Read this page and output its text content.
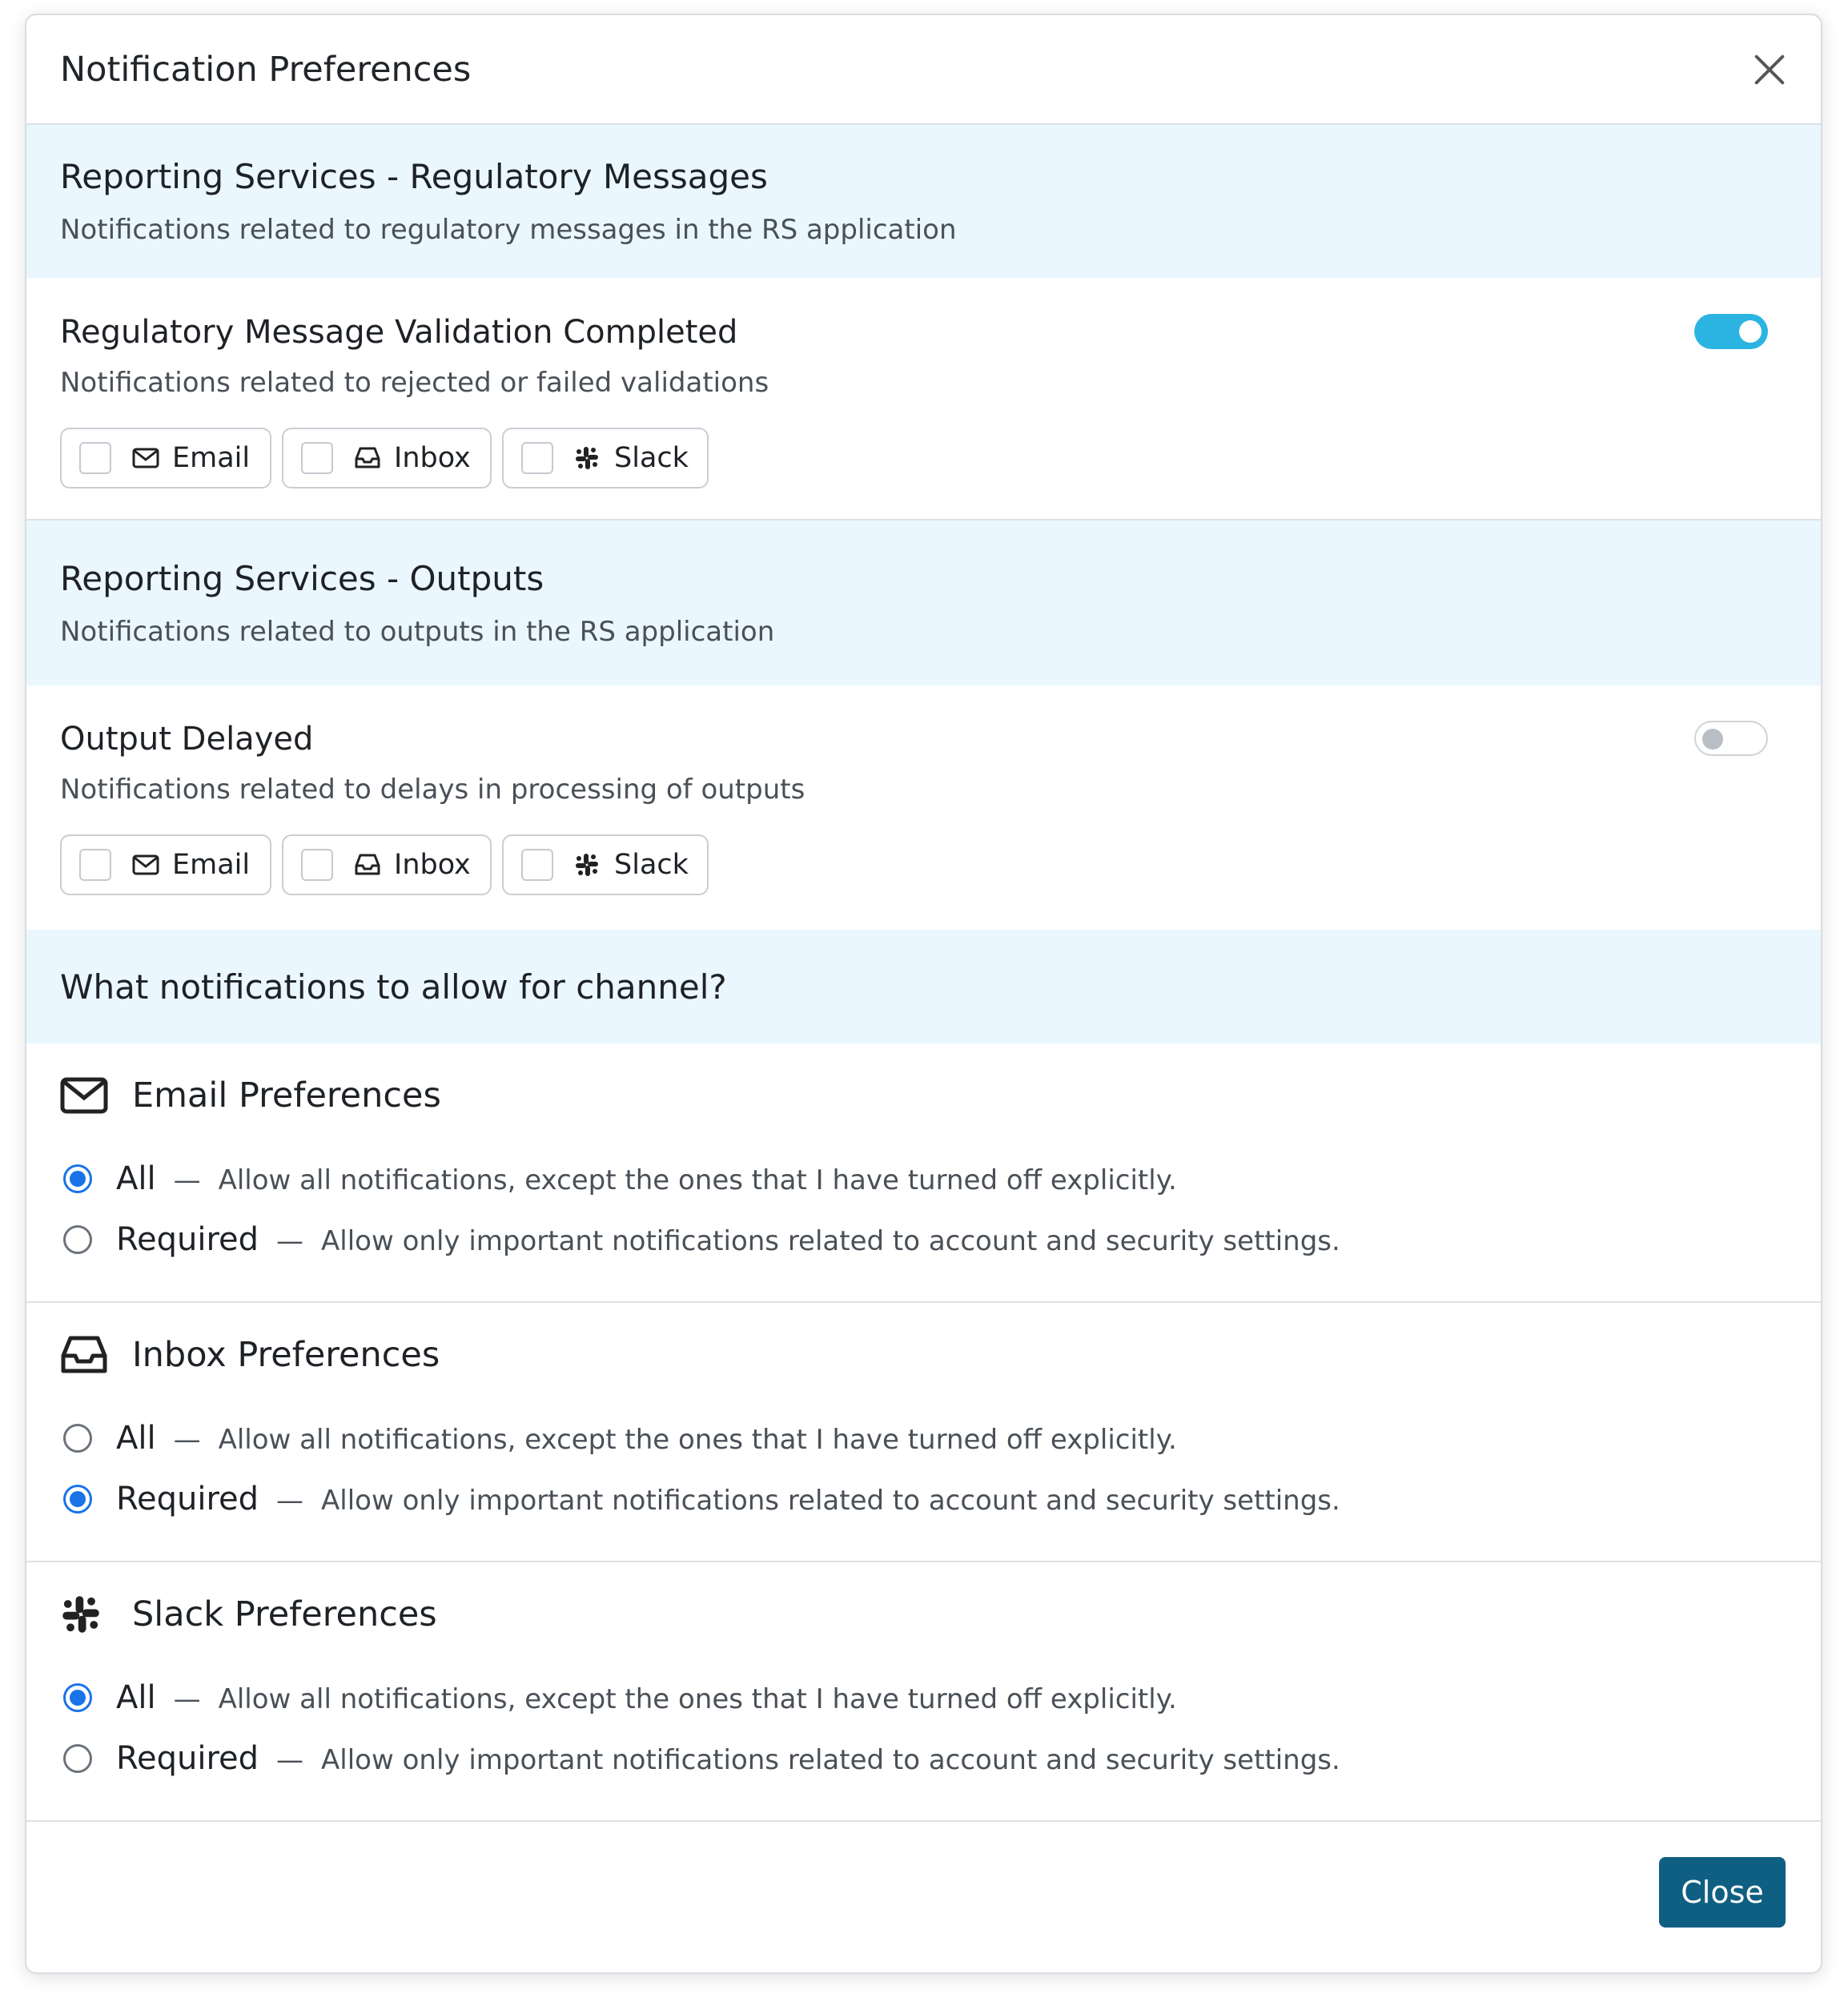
Notification Preferences
Reporting Services - Regulatory Messages
Notifications related to regulatory messages in the RS application
Regulatory Message Validation Completed
Notifications related to rejected or failed validations
Email	Inbox	Slack
Reporting Services - Outputs
Notifications related to outputs in the RS application
Output Delayed
Notifications related to delays in processing of outputs
Email	Inbox	Slack
What notifications to allow for channel?
Email Preferences
All — Allow all notifications, except the ones that I have turned off explicitly.
Required — Allow only important notifications related to account and security settings.
Inbox Preferences
All — Allow all notifications, except the ones that I have turned off explicitly.
Required — Allow only important notifications related to account and security settings.
Slack Preferences
All — Allow all notifications, except the ones that I have turned off explicitly.
Required — Allow only important notifications related to account and security settings.
Close
